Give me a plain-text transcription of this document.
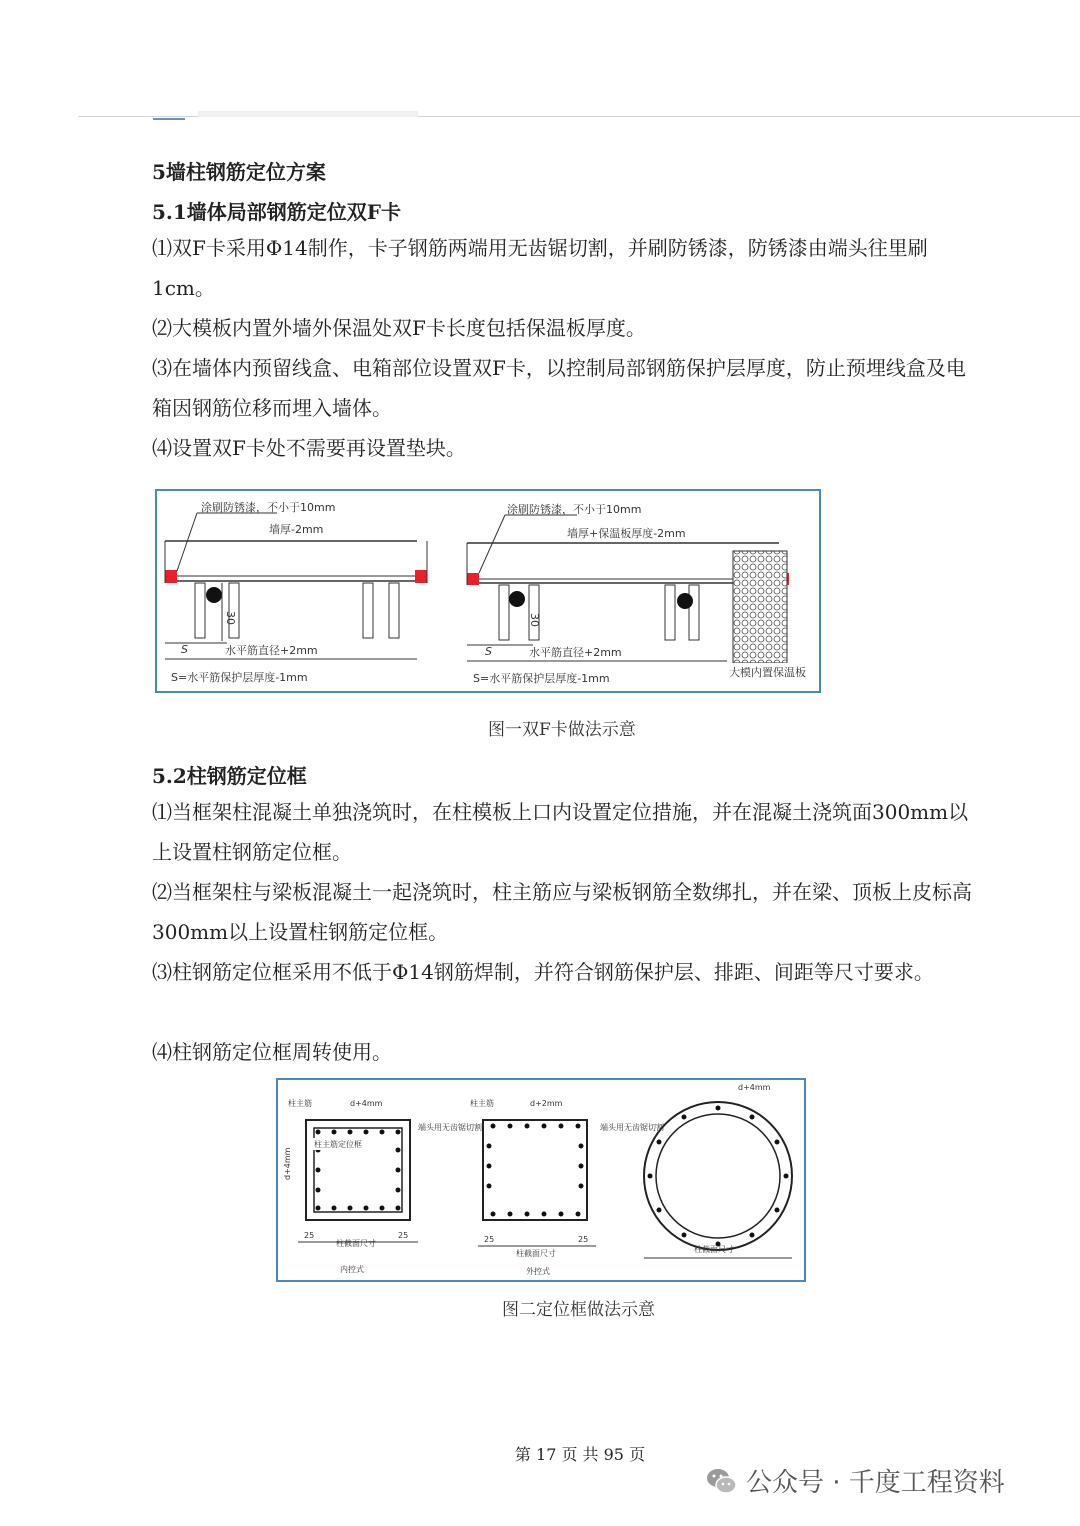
5墙柱钢筋定位方案
5.1墙体局部钢筋定位双F卡

⑴双F卡采用Φ14制作，卡子钢筋两端用无齿锯切割，并刷防锈漆，防锈漆由端头往里刷1cm。

⑵大模板内置外墙外保温处双F卡长度包括保温板厚度。

⑶在墙体内预留线盒、电箱部位设置双F卡，以控制局部钢筋保护层厚度，防止预埋线盒及电箱因钢筋位移而埋入墙体。

⑷设置双F卡处不需要再设置垫块。

涂刷防锈漆，不小于10mm
墙厚-2mm
30
S	水平筋直径+2mm
S=水平筋保护层厚度-1mm
涂刷防锈漆，不小于10mm
墙厚+保温板厚度-2mm
30
S	水平筋直径+2mm
S=水平筋保护层厚度-1mm	大模内置保温板
图一双F卡做法示意
5.2柱钢筋定位框

⑴当框架柱混凝土单独浇筑时，在柱模板上口内设置定位措施，并在混凝土浇筑面300mm以上设置柱钢筋定位框。

⑵当框架柱与梁板混凝土一起浇筑时，柱主筋应与梁板钢筋全数绑扎，并在梁、顶板上皮标高300mm以上设置柱钢筋定位框。

⑶柱钢筋定位框采用不低于Φ14钢筋焊制，并符合钢筋保护层、排距、间距等尺寸要求。

⑷柱钢筋定位框周转使用。

柱主筋	d+4mm
柱主筋定位框
端头用无齿锯切割
d+4mm
25
柱截面尺寸
25
内控式
柱主筋	d+2mm
端头用无齿锯切割
25
柱截面尺寸
25
外控式
d+4mm
柱截面尺寸
图二定位框做法示意
第 17 页 共 95 页
公众号 · 千度工程资料
